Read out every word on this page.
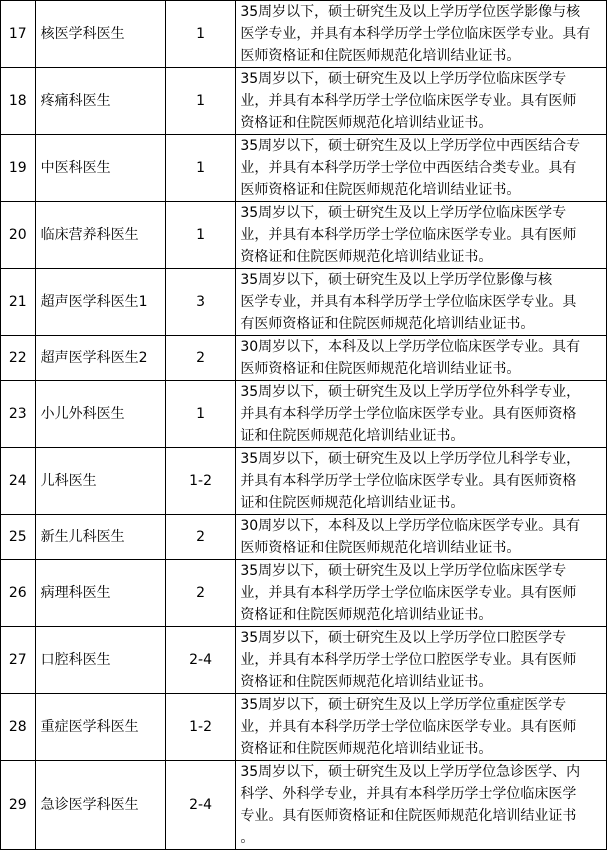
17	核医学科医生	1	35周岁以下，硕士研究生及以上学历学位医学影像与核
医学专业，并具有本科学历学士学位临床医学专业。具有
医师资格证和住院医师规范化培训结业证书。

18	疼痛科医生	1	35周岁以下，硕士研究生及以上学历学位临床医学专
业，并具有本科学历学士学位临床医学专业。具有医师
资格证和住院医师规范化培训结业证书。

19	中医科医生	1	35周岁以下，硕士研究生及以上学历学位中西医结合专
业，并具有本科学历学士学位中西医结合类专业。具有
医师资格证和住院医师规范化培训结业证书。

20	临床营养科医生	1	35周岁以下，硕士研究生及以上学历学位临床医学专
业，并具有本科学历学士学位临床医学专业。具有医师
资格证和住院医师规范化培训结业证书。

21	超声医学科医生1	3	35周岁以下，硕士研究生及以上学历学位影像与核
医学专业，并具有本科学历学士学位临床医学专业。具
有医师资格证和住院医师规范化培训结业证书。

22	超声医学科医生2	2	30周岁以下，本科及以上学历学位临床医学专业。具有
医师资格证和住院医师规范化培训结业证书。

23	小儿外科医生	1	35周岁以下，硕士研究生及以上学历学位外科学专业，
并具有本科学历学士学位临床医学专业。具有医师资格
证和住院医师规范化培训结业证书。

24	儿科医生	1-2	35周岁以下，硕士研究生及以上学历学位儿科学专业，
并具有本科学历学士学位临床医学专业。具有医师资格
证和住院医师规范化培训结业证书。

25	新生儿科医生	2	30周岁以下，本科及以上学历学位临床医学专业。具有
医师资格证和住院医师规范化培训结业证书。

26	病理科医生	2	35周岁以下，硕士研究生及以上学历学位临床医学专
业，并具有本科学历学士学位临床医学专业。具有医师
资格证和住院医师规范化培训结业证书。

27	口腔科医生	2-4	35周岁以下，硕士研究生及以上学历学位口腔医学专
业，并具有本科学历学士学位口腔医学专业。具有医师
资格证和住院医师规范化培训结业证书。

28	重症医学科医生	1-2	35周岁以下，硕士研究生及以上学历学位重症医学专
业，并具有本科学历学士学位临床医学专业。具有医师
资格证和住院医师规范化培训结业证书。

29	急诊医学科医生	2-4	35周岁以下，硕士研究生及以上学历学位急诊医学、内
科学、外科学专业，并具有本科学历学士学位临床医学
专业。具有医师资格证和住院医师规范化培训结业证书
。
